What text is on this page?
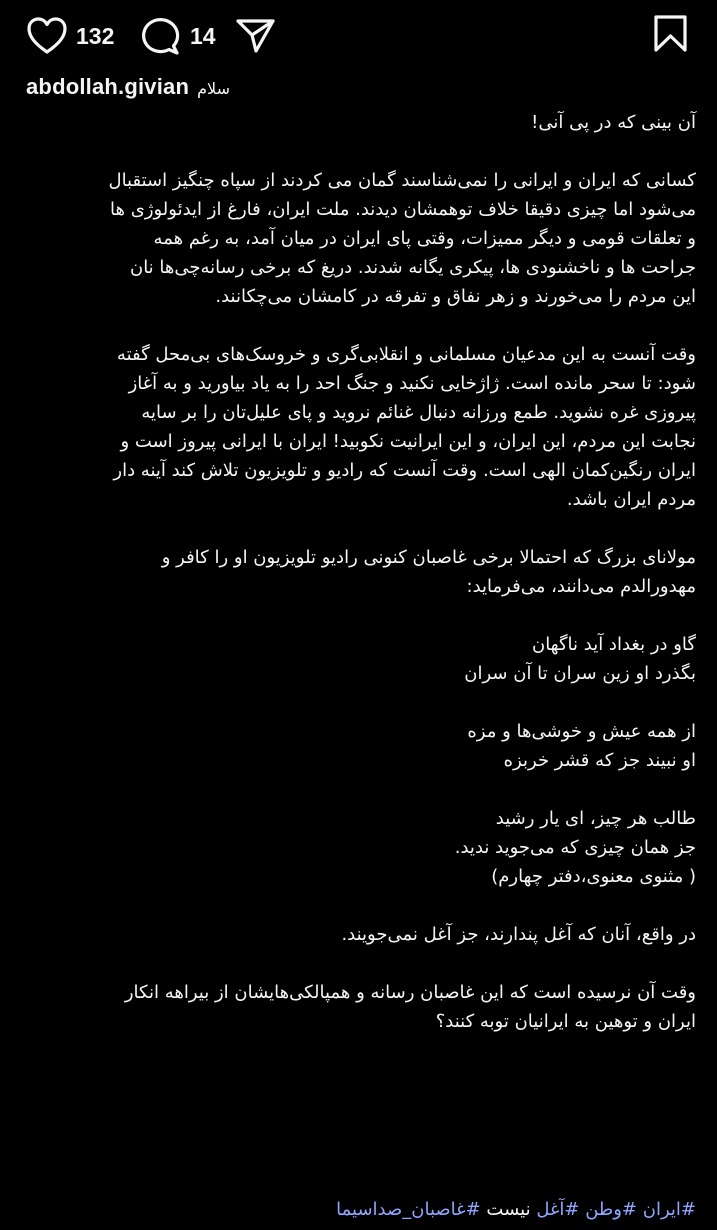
132	14
abdollah.givian سلام
آن بینی که در پی آنی!
کسانی که ایران و ایرانی را نمی‌شناسند گمان می کردند از سپاه چنگیز استقبال
می‌شود اما چیزی دقیقا خلاف توهمشان دیدند. ملت ایران، فارغ از ایدئولوژی ها
و تعلقات قومی و دیگر ممیزات، وقتی پای ایران در میان آمد، به رغم همه
جراحت ها و ناخشنودی ها، پیکری یگانه شدند. دریغ که برخی رسانه‌چی‌ها نان
این مردم را می‌خورند و زهر نفاق و تفرقه در کامشان می‌چکانند.
وقت آنست به این مدعیان مسلمانی و انقلابی‌گری و خروسک‌های بی‌محل گفته
شود: تا سحر مانده است. ژاژخایی نکنید و جنگ احد را به یاد بیاورید و به آغاز
پیروزی غره نشوید. طمع ورزانه دنبال غنائم نروید و پای علیل‌تان را بر سایه
نجابت این مردم، این ایران، و این ایرانیت نکوبید! ایران با ایرانی پیروز است و
ایران رنگین‌کمان الهی است. وقت آنست که رادیو و تلویزیون تلاش کند آینه دار
مردم ایران باشد.
مولانای بزرگ که احتمالا برخی غاصبان کنونی رادیو تلویزیون او را کافر و
مهدورالدم می‌دانند، می‌فرماید:
گاو در بغداد آید ناگهان
بگذرد او زین سران تا آن سران
از همه عیش و خوشی‌ها و مزه
او نبیند جز که قشر خربزه
طالب هر چیز، ای یار رشید
جز همان چیزی که می‌جوید ندید.
( مثنوی معنوی،دفتر چهارم)
در واقع، آنان که آغل پندارند، جز آغل نمی‌جویند.
وقت آن نرسیده است که این غاصبان رسانه و همپالکی‌هایشان از بیراهه انکار
ایران و توهین به ایرانیان توبه کنند؟
#ایران #وطن #آغل نیست #غاصبان_صداسیما
